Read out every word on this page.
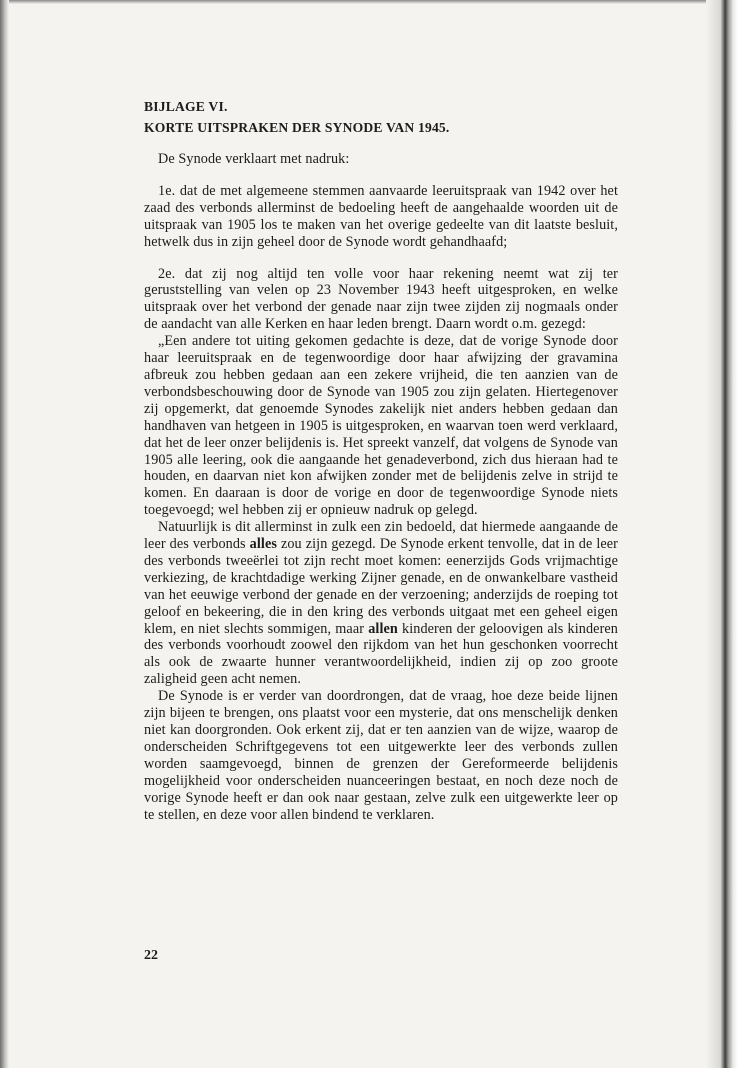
BIJLAGE VI.
KORTE UITSPRAKEN DER SYNODE VAN 1945.

De Synode verklaart met nadruk:

1e. dat de met algemeene stemmen aanvaarde leeruitspraak van 1942 over het zaad des verbonds allerminst de bedoeling heeft de aangehaalde woorden uit de uitspraak van 1905 los te maken van het overige gedeelte van dit laatste besluit, hetwelk dus in zijn geheel door de Synode wordt gehandhaafd;

2e. dat zij nog altijd ten volle voor haar rekening neemt wat zij ter geruststelling van velen op 23 November 1943 heeft uitgesproken, en welke uitspraak over het verbond der genade naar zijn twee zijden zij nogmaals onder de aandacht van alle Kerken en haar leden brengt. Daarn wordt o.m. gezegd:

„Een andere tot uiting gekomen gedachte is deze, dat de vorige Synode door haar leeruitspraak en de tegenwoordige door haar afwijzing der gravamina afbreuk zou hebben gedaan aan een zekere vrijheid, die ten aanzien van de verbondsbeschouwing door de Synode van 1905 zou zijn gelaten. Hiertegenover zij opgemerkt, dat genoemde Synodes zakelijk niet anders hebben gedaan dan handhaven van hetgeen in 1905 is uitgesproken, en waarvan toen werd verklaard, dat het de leer onzer belijdenis is. Het spreekt vanzelf, dat volgens de Synode van 1905 alle leering, ook die aangaande het genadeverbond, zich dus hieraan had te houden, en daarvan niet kon afwijken zonder met de belijdenis zelve in strijd te komen. En daaraan is door de vorige en door de tegenwoordige Synode niets toegevoegd; wel hebben zij er opnieuw nadruk op gelegd.

Natuurlijk is dit allerminst in zulk een zin bedoeld, dat hiermede aangaande de leer des verbonds alles zou zijn gezegd. De Synode erkent tenvolle, dat in de leer des verbonds tweeërlei tot zijn recht moet komen: eenerzijds Gods vrijmachtige verkiezing, de krachtdadige werking Zijner genade, en de onwankelbare vastheid van het eeuwige verbond der genade en der verzoening; anderzijds de roeping tot geloof en bekeering, die in den kring des verbonds uitgaat met een geheel eigen klem, en niet slechts sommigen, maar allen kinderen der geloovigen als kinderen des verbonds voorhoudt zoowel den rijkdom van het hun geschonken voorrecht als ook de zwaarte hunner verantwoordelijkheid, indien zij op zoo groote zaligheid geen acht nemen.

De Synode is er verder van doordrongen, dat de vraag, hoe deze beide lijnen zijn bijeen te brengen, ons plaatst voor een mysterie, dat ons menschelijk denken niet kan doorgronden. Ook erkent zij, dat er ten aanzien van de wijze, waarop de onderscheiden Schriftgegevens tot een uitgewerkte leer des verbonds zullen worden saamgevoegd, binnen de grenzen der Gereformeerde belijdenis mogelijkheid voor onderscheiden nuanceeringen bestaat, en noch deze noch de vorige Synode heeft er dan ook naar gestaan, zelve zulk een uitgewerkte leer op te stellen, en deze voor allen bindend te verklaren.

22
